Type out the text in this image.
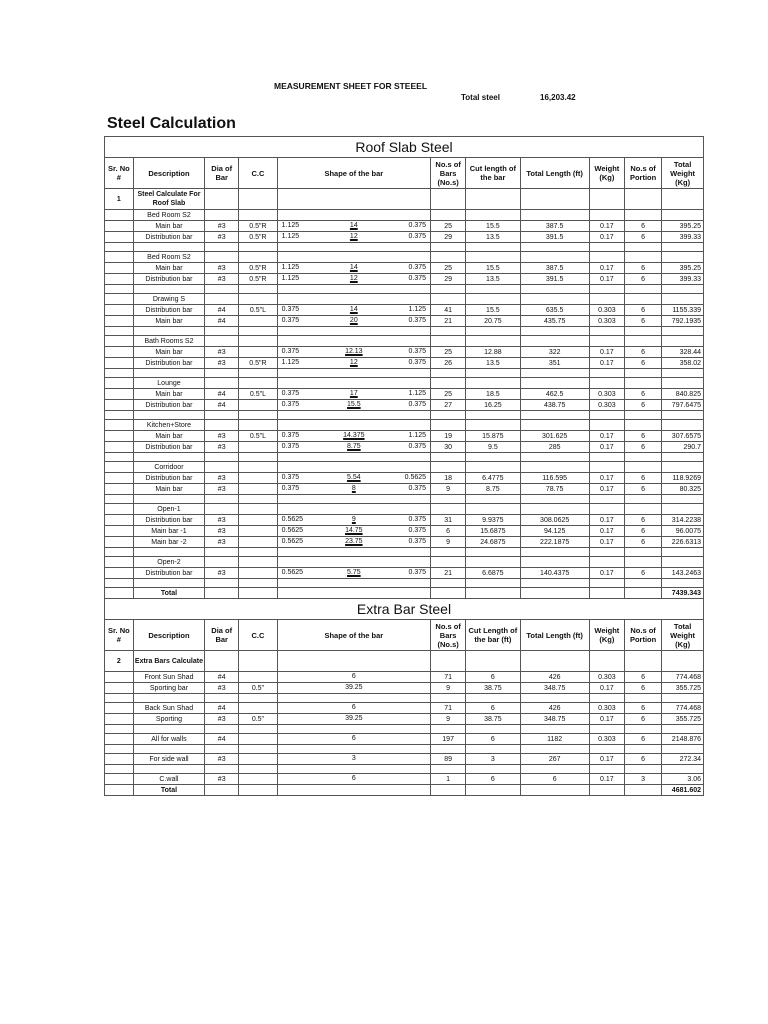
MEASUREMENT SHEET FOR STEEEL
Total steel	16,203.42
Steel Calculation
Roof Slab Steel										
Sr. No #	Description	Dia of Bar	C.C	Shape of the bar	No.s of Bars (No.s)	Cut length of the bar	Total Length (ft)	Weight (Kg)	No.s of Portion	Total Weight (Kg)
1	Steel Calculate For Roof Slab									
	Bed Room S2									
	Main bar	#3	0.5"R	1.125 14 0.375	25	15.5	387.5	0.17	6	395.25
	Distribution bar	#3	0.5"R	1.125 12 0.375	29	13.5	391.5	0.17	6	399.33

	Bed Room S2									
	Main bar	#3	0.5"R	1.125 14 0.375	25	15.5	387.5	0.17	6	395.25
	Distribution bar	#3	0.5"R	1.125 12 0.375	29	13.5	391.5	0.17	6	399.33

	Drawing S									
	Distribution bar	#4	0.5"L	0.375 14 1.125	41	15.5	635.5	0.303	6	1155.339
	Main bar	#4		0.375 20 0.375	21	20.75	435.75	0.303	6	792.1935

	Bath Rooms S2									
	Main bar	#3		0.375 12.13 0.375	25	12.88	322	0.17	6	328.44
	Distribution bar	#3	0.5"R	1.125 12 0.375	26	13.5	351	0.17	6	358.02

	Lounge									
	Main bar	#4	0.5"L	0.375 17 1.125	25	18.5	462.5	0.303	6	840.825
	Distribution bar	#4		0.375 15.5 0.375	27	16.25	438.75	0.303	6	797.6475

	Kitchen+Store									
	Main bar	#3	0.5"L	0.375 14.375 1.125	19	15.875	301.625	0.17	6	307.6575
	Distribution bar	#3		0.375 8.75 0.375	30	9.5	285	0.17	6	290.7

	Corridoor									
	Distribution bar	#3		0.375 5.54 0.5625	18	6.4775	116.595	0.17	6	118.9269
	Main bar	#3		0.375 8 0.375	9	8.75	78.75	0.17	6	80.325

	Open-1									
	Distribution bar	#3		0.5625 9 0.375	31	9.9375	308.0625	0.17	6	314.2238
	Main bar -1	#3		0.5625 14.75 0.375	6	15.6875	94.125	0.17	6	96.0075
	Main bar -2	#3		0.5625 23.75 0.375	9	24.6875	222.1875	0.17	6	226.6313

	Open-2									
	Distribution bar	#3		0.5625 5.75 0.375	21	6.6875	140.4375	0.17	6	143.2463

	Total									7439.343
Extra Bar Steel										
Sr. No #	Description	Dia of Bar	C.C	Shape of the bar	No.s of Bars (No.s)	Cut Length of the bar (ft)	Total Length (ft)	Weight (Kg)	No.s of Portion	Total Weight (Kg)
2	Extra Bars Calculate									
	Front Sun Shad	#4		6	71	6	426	0.303	6	774.468
	Sporting bar	#3	0.5"	39.25	9	38.75	348.75	0.17	6	355.725

	Back Sun Shad	#4		6	71	6	426	0.303	6	774.468
	Sporting	#3	0.5"	39.25	9	38.75	348.75	0.17	6	355.725

	All for walls	#4		6	197	6	1182	0.303	6	2148.876

	For side wall	#3		3	89	3	267	0.17	6	272.34

	C.wall	#3		6	1	6	6	0.17	3	3.06
	Total									4681.602
